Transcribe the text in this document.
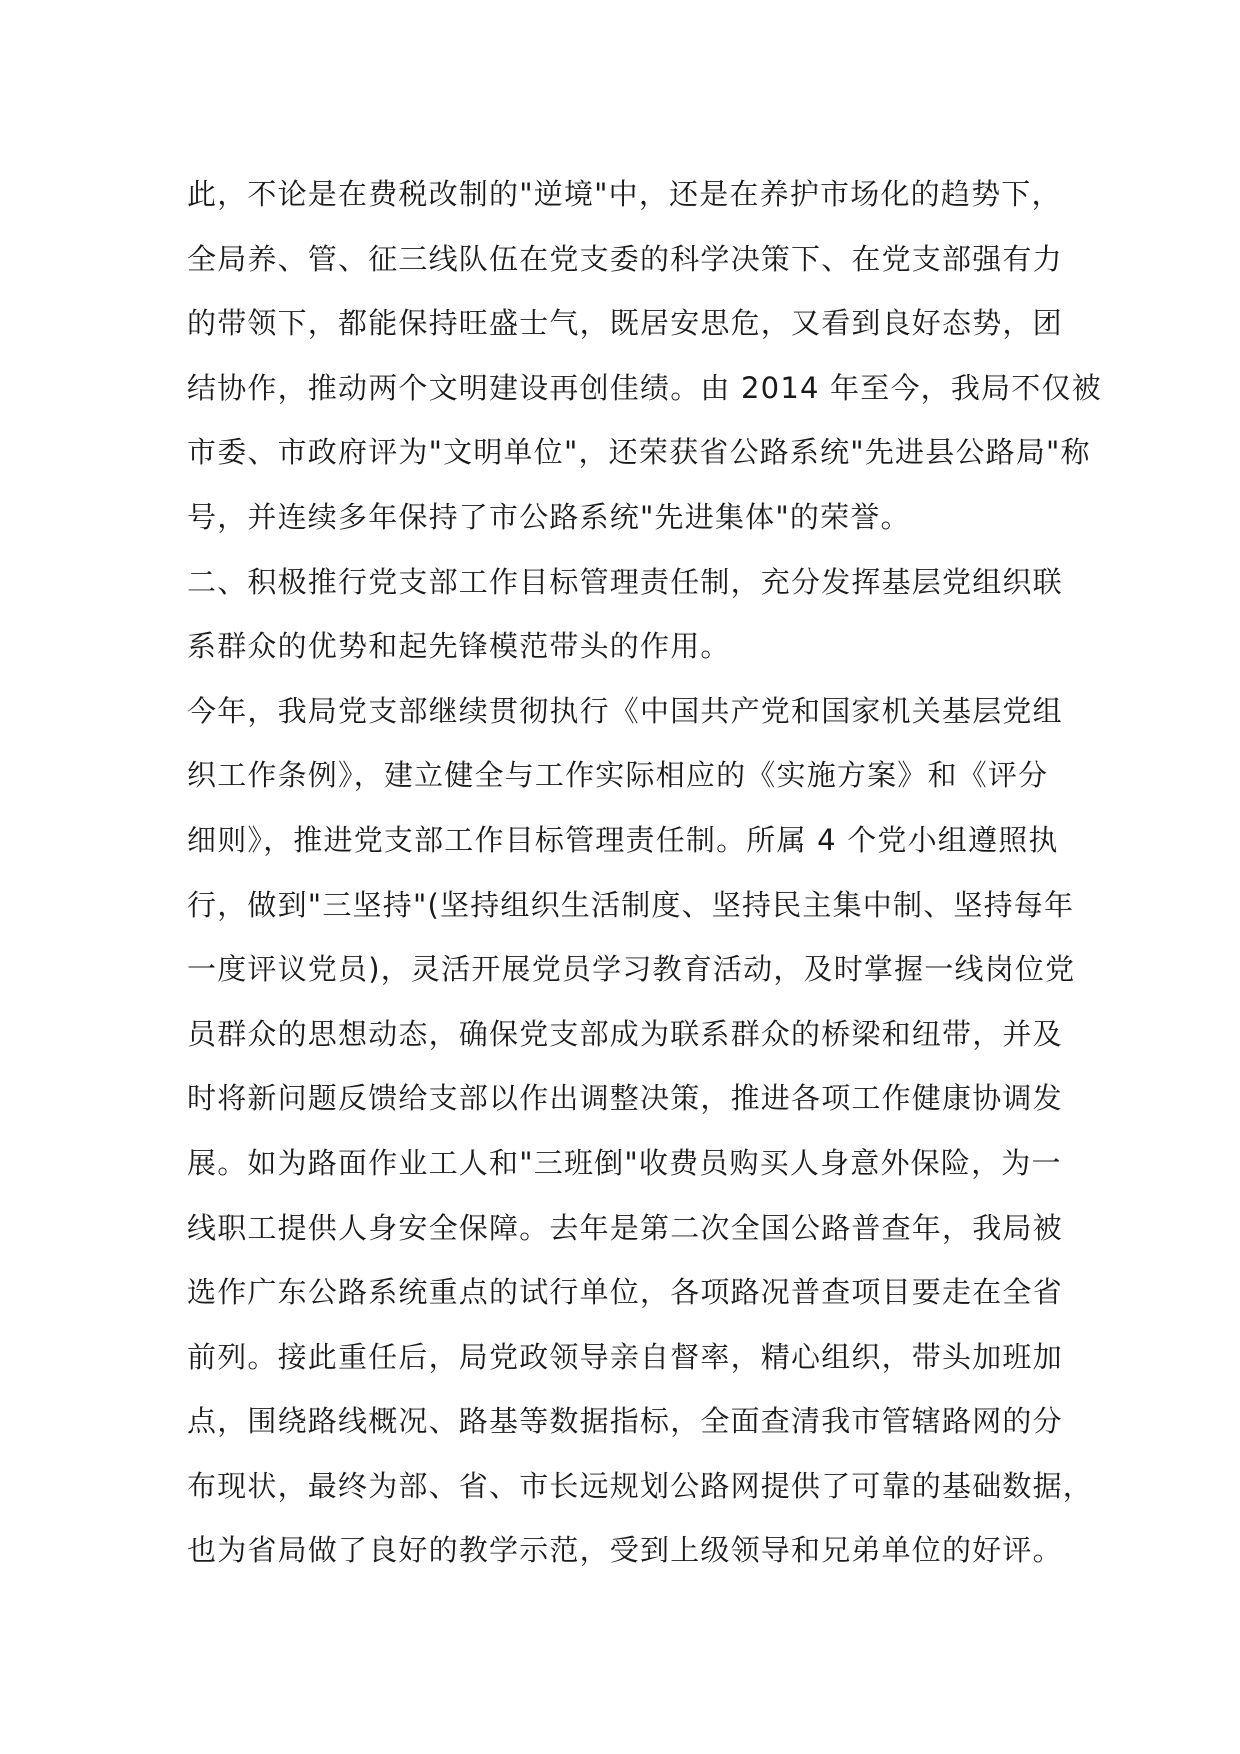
此，不论是在费税改制的"逆境"中，还是在养护市场化的趋势下，
全局养、管、征三线队伍在党支委的科学决策下、在党支部强有力
的带领下，都能保持旺盛士气，既居安思危，又看到良好态势，团
结协作，推动两个文明建设再创佳绩。由 2014 年至今，我局不仅被
市委、市政府评为"文明单位"，还荣获省公路系统"先进县公路局"称
号，并连续多年保持了市公路系统"先进集体"的荣誉。
二、积极推行党支部工作目标管理责任制，充分发挥基层党组织联
系群众的优势和起先锋模范带头的作用。
今年，我局党支部继续贯彻执行《中国共产党和国家机关基层党组
织工作条例》，建立健全与工作实际相应的《实施方案》和《评分
细则》，推进党支部工作目标管理责任制。所属 4 个党小组遵照执
行，做到"三坚持"(坚持组织生活制度、坚持民主集中制、坚持每年
一度评议党员)，灵活开展党员学习教育活动，及时掌握一线岗位党
员群众的思想动态，确保党支部成为联系群众的桥梁和纽带，并及
时将新问题反馈给支部以作出调整决策，推进各项工作健康协调发
展。如为路面作业工人和"三班倒"收费员购买人身意外保险，为一
线职工提供人身安全保障。去年是第二次全国公路普查年，我局被
选作广东公路系统重点的试行单位，各项路况普查项目要走在全省
前列。接此重任后，局党政领导亲自督率，精心组织，带头加班加
点，围绕路线概况、路基等数据指标，全面查清我市管辖路网的分
布现状，最终为部、省、市长远规划公路网提供了可靠的基础数据，
也为省局做了良好的教学示范，受到上级领导和兄弟单位的好评。
